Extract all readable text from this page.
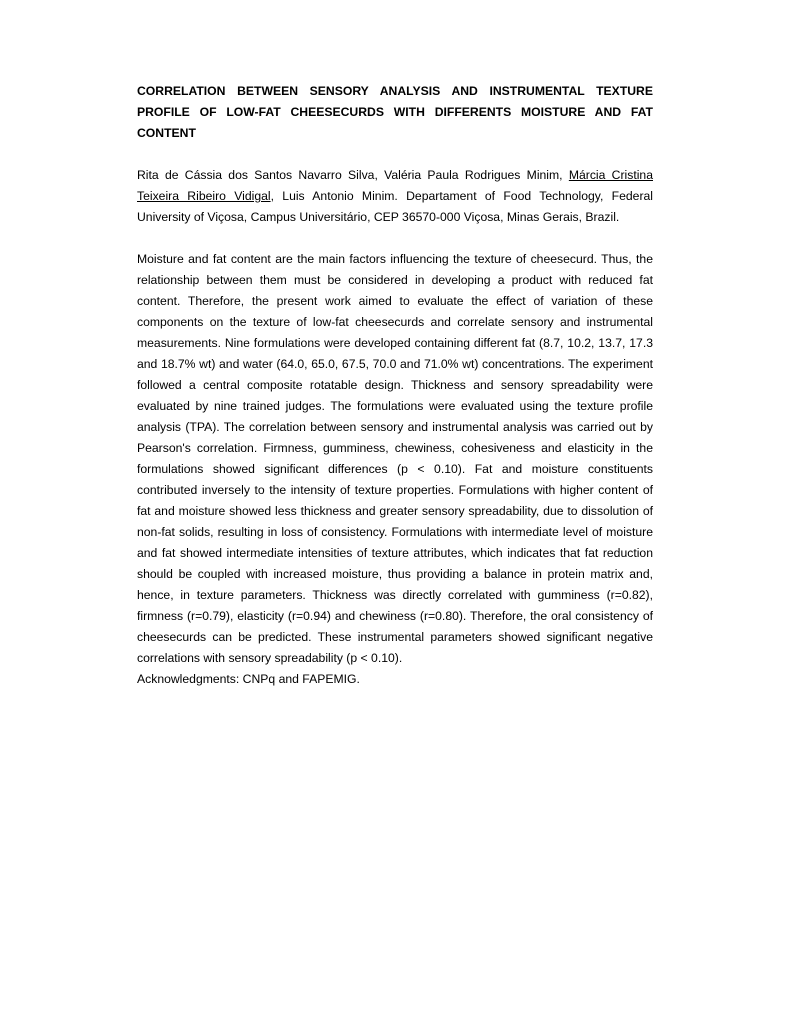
CORRELATION BETWEEN SENSORY ANALYSIS AND INSTRUMENTAL TEXTURE PROFILE OF LOW-FAT CHEESECURDS WITH DIFFERENTS MOISTURE AND FAT CONTENT

Rita de Cássia dos Santos Navarro Silva, Valéria Paula Rodrigues Minim, Márcia Cristina Teixeira Ribeiro Vidigal, Luis Antonio Minim. Departament of Food Technology, Federal University of Viçosa, Campus Universitário, CEP 36570-000 Viçosa, Minas Gerais, Brazil.

Moisture and fat content are the main factors influencing the texture of cheesecurd. Thus, the relationship between them must be considered in developing a product with reduced fat content. Therefore, the present work aimed to evaluate the effect of variation of these components on the texture of low-fat cheesecurds and correlate sensory and instrumental measurements. Nine formulations were developed containing different fat (8.7, 10.2, 13.7, 17.3 and 18.7% wt) and water (64.0, 65.0, 67.5, 70.0 and 71.0% wt) concentrations. The experiment followed a central composite rotatable design. Thickness and sensory spreadability were evaluated by nine trained judges. The formulations were evaluated using the texture profile analysis (TPA). The correlation between sensory and instrumental analysis was carried out by Pearson's correlation. Firmness, gumminess, chewiness, cohesiveness and elasticity in the formulations showed significant differences (p < 0.10). Fat and moisture constituents contributed inversely to the intensity of texture properties. Formulations with higher content of fat and moisture showed less thickness and greater sensory spreadability, due to dissolution of non-fat solids, resulting in loss of consistency. Formulations with intermediate level of moisture and fat showed intermediate intensities of texture attributes, which indicates that fat reduction should be coupled with increased moisture, thus providing a balance in protein matrix and, hence, in texture parameters. Thickness was directly correlated with gumminess (r=0.82), firmness (r=0.79), elasticity (r=0.94) and chewiness (r=0.80). Therefore, the oral consistency of cheesecurds can be predicted. These instrumental parameters showed significant negative correlations with sensory spreadability (p < 0.10).

Acknowledgments: CNPq and FAPEMIG.
